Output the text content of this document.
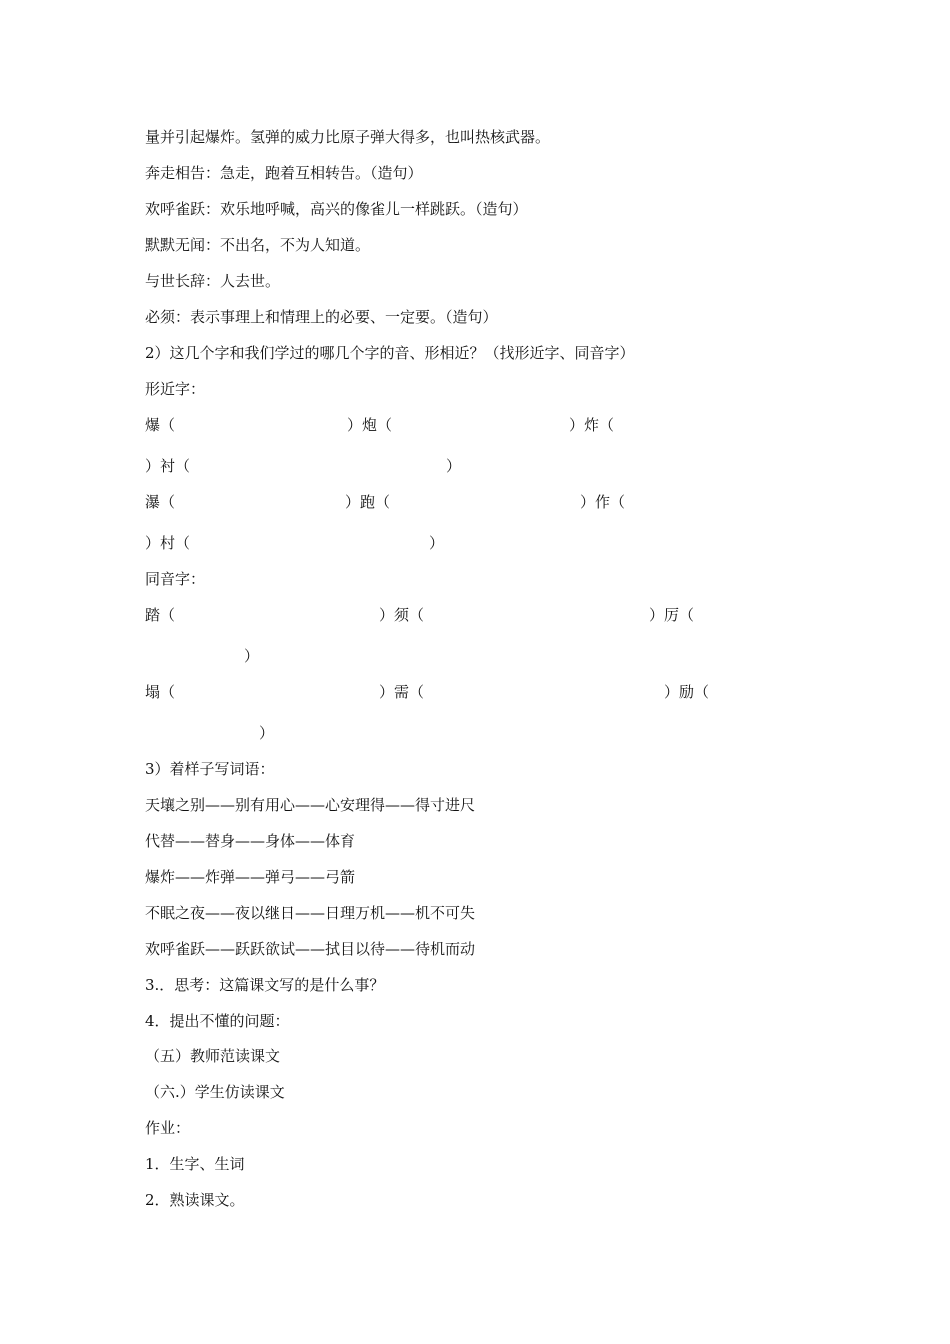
量并引起爆炸。氢弹的威力比原子弹大得多，也叫热核武器。
奔走相告：急走，跑着互相转告。（造句）
欢呼雀跃：欢乐地呼喊，高兴的像雀儿一样跳跃。（造句）
默默无闻：不出名，不为人知道。
与世长辞：人去世。
必须：表示事理上和情理上的必要、一定要。（造句）
2）这几个字和我们学过的哪几个字的音、形相近？（找形近字、同音字）
形近字：
爆（	）炮（	）炸（
）衬（	）
瀑（	）跑（	）作（
）村（	）
同音字：
踏（	）须（	）厉（
）
塌（	）需（	）励（
）
3）着样子写词语：
天壤之别——别有用心——心安理得——得寸进尺
代替——替身——身体——体育
爆炸——炸弹——弹弓——弓箭
不眠之夜——夜以继日——日理万机——机不可失
欢呼雀跃——跃跃欲试——拭目以待——待机而动
3.．思考：这篇课文写的是什么事？
4．提出不懂的问题：
（五）教师范读课文
（六.）学生仿读课文
作业：
1．生字、生词
2．熟读课文。
